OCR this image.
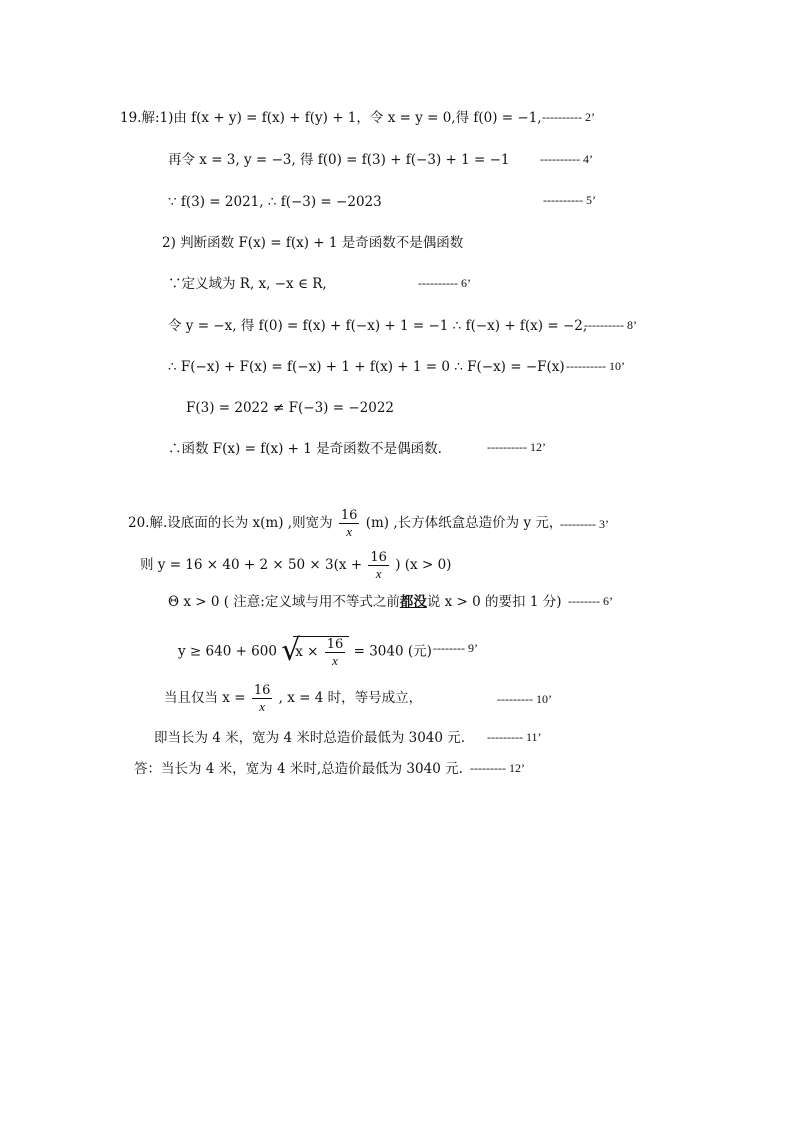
19.解:1)由 f(x + y) = f(x) + f(y) + 1，令 x = y = 0,得 f(0) = −1, ---------- 2’
再令 x = 3, y = −3, 得 f(0) = f(3) + f(−3) + 1 = −1	---------- 4’
∵ f(3) = 2021, ∴ f(−3) = −2023	---------- 5’
2) 判断函数 F(x) = f(x) + 1 是奇函数不是偶函数
∵定义域为 R, x, −x ∈ R,	---------- 6’
令 y = −x, 得 f(0) = f(x) + f(−x) + 1 = −1 ∴ f(−x) + f(x) = −2,
---------- 8’
∴ F(−x) + F(x) = f(−x) + 1 + f(x) + 1 = 0 ∴ F(−x) = −F(x) ---------- 10’
F(3) = 2022 ≠ F(−3) = −2022
∴函数 F(x) = f(x) + 1 是奇函数不是偶函数.	---------- 12’
20.解.设底面的长为 x(m) ,则宽为 $\frac{16}{x} (m)$ ,长方体纸盒总造价为 y 元，
--------- 3’
则 $y = 16 \times 40 + 2 \times 50 \times 3(x + \frac{16}{x}$ ) (x > 0)
Θ x > 0 ( 注意:定义域与用不等式之前都没说 x > 0 的要扣 1 分) -------- 6’
y ≥ 640 + 600 √
$x \times \frac{16}{x} = 3040$ (元) -------- 9’
当且仅当 $x = \frac{16}{x}$ , x = 4 时，等号成立，	--------- 10’
即当长为 4 米，宽为 4 米时总造价最低为 3040 元. --------- 11’
答：当长为 4 米，宽为 4 米时,总造价最低为 3040 元. --------- 12’
